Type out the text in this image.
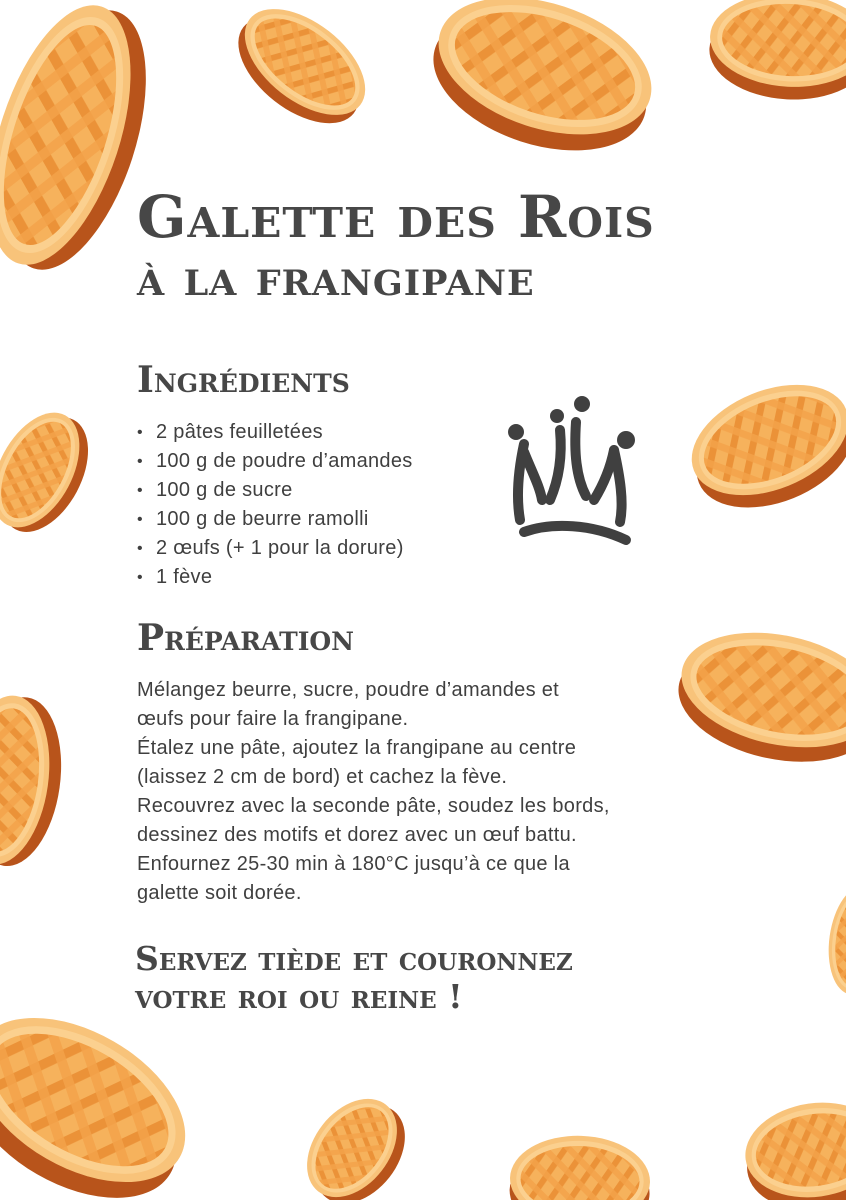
Galette des Rois
à la frangipane
Ingrédients
• 2 pâtes feuilletées
• 100 g de poudre d’amandes
• 100 g de sucre
• 100 g de beurre ramolli
• 2 œufs (+ 1 pour la dorure)
• 1 fève
Préparation

Mélangez beurre, sucre, poudre d’amandes et

œufs pour faire la frangipane.

Étalez une pâte, ajoutez la frangipane au centre

(laissez 2 cm de bord) et cachez la fève.

Recouvrez avec la seconde pâte, soudez les bords,

dessinez des motifs et dorez avec un œuf battu.

Enfournez 25-30 min à 180°C jusqu’à ce que la

galette soit dorée.

Servez tiède et couronnez
votre roi ou reine !
